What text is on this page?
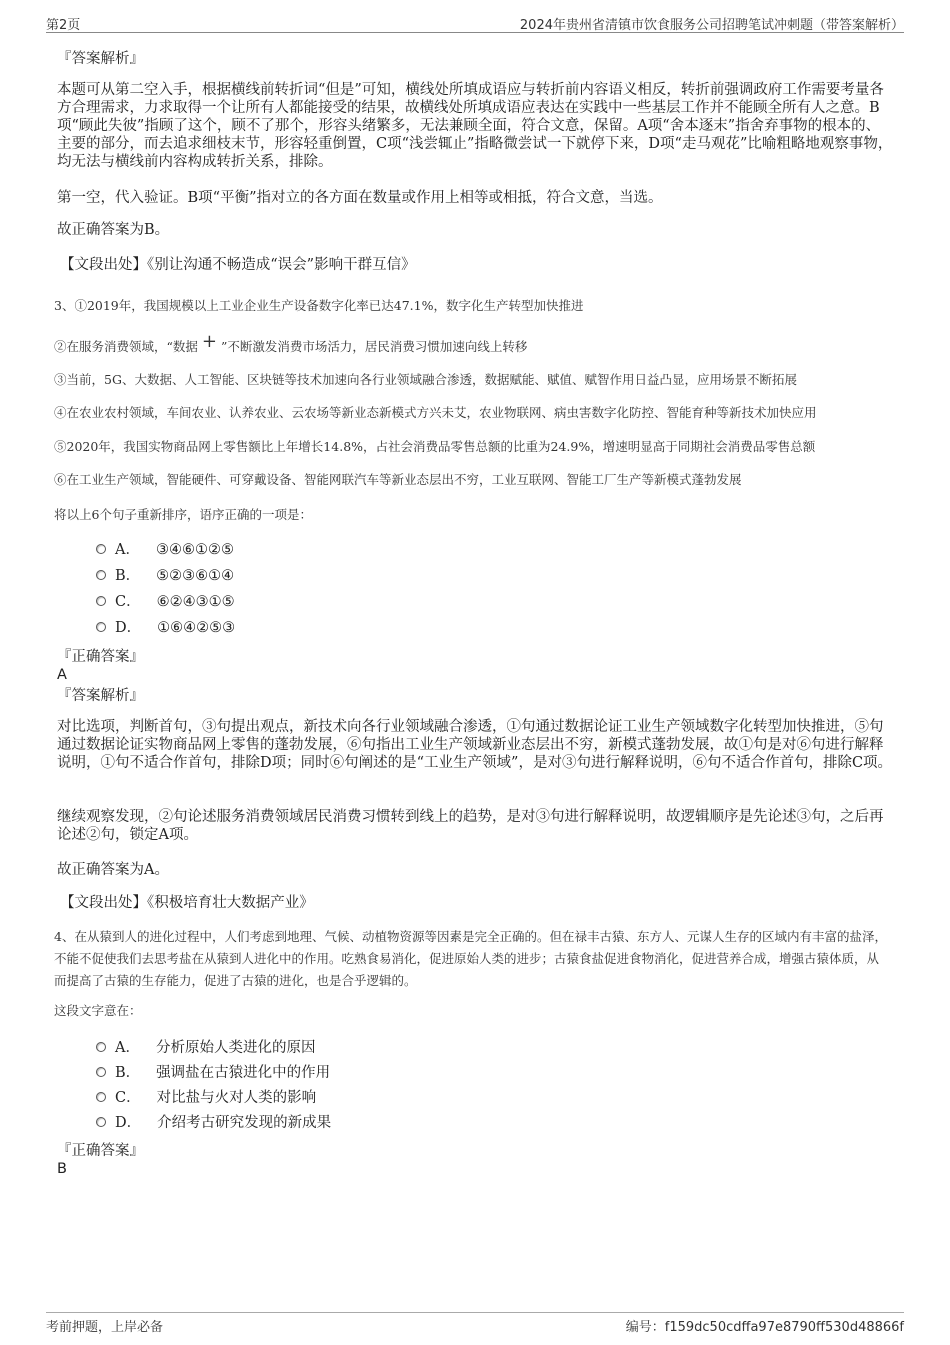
第2页	2024年贵州省清镇市饮食服务公司招聘笔试冲刺题（带答案解析）
『答案解析』

本题可从第二空入手，根据横线前转折词“但是”可知，横线处所填成语应与转折前内容语义相反，转折前强调政府工作需要考量各方合理需求，力求取得一个让所有人都能接受的结果，故横线处所填成语应表达在实践中一些基层工作并不能顾全所有人之意。B项“顾此失彼”指顾了这个，顾不了那个，形容头绪繁多，无法兼顾全面，符合文意，保留。A项“舍本逐末”指舍弃事物的根本的、主要的部分，而去追求细枝末节，形容轻重倒置，C项“浅尝辄止”指略微尝试一下就停下来，D项“走马观花”比喻粗略地观察事物，均无法与横线前内容构成转折关系，排除。

第一空，代入验证。B项“平衡”指对立的各方面在数量或作用上相等或相抵，符合文意，当选。

故正确答案为B。

【文段出处】《别让沟通不畅造成“误会”影响干群互信》

3、①2019年，我国规模以上工业企业生产设备数字化率已达47.1%，数字化生产转型加快推进

②在服务消费领域，“数据 + ”不断激发消费市场活力，居民消费习惯加速向线上转移

③当前，5G、大数据、人工智能、区块链等技术加速向各行业领域融合渗透，数据赋能、赋值、赋智作用日益凸显，应用场景不断拓展

④在农业农村领域，车间农业、认养农业、云农场等新业态新模式方兴未艾，农业物联网、病虫害数字化防控、智能育种等新技术加快应用

⑤2020年，我国实物商品网上零售额比上年增长14.8%，占社会消费品零售总额的比重为24.9%，增速明显高于同期社会消费品零售总额

⑥在工业生产领域，智能硬件、可穿戴设备、智能网联汽车等新业态层出不穷，工业互联网、智能工厂生产等新模式蓬勃发展

将以上6个句子重新排序，语序正确的一项是：

A． ③④⑥①②⑤
B． ⑤②③⑥①④
C． ⑥②④③①⑤
D． ①⑥④②⑤③
『正确答案』
A
『答案解析』

对比选项，判断首句，③句提出观点，新技术向各行业领域融合渗透，①句通过数据论证工业生产领域数字化转型加快推进，⑤句通过数据论证实物商品网上零售的蓬勃发展，⑥句指出工业生产领域新业态层出不穷，新模式蓬勃发展，故①句是对⑥句进行解释说明，①句不适合作首句，排除D项；同时⑥句阐述的是“工业生产领域”，是对③句进行解释说明，⑥句不适合作首句，排除C项。

继续观察发现，②句论述服务消费领域居民消费习惯转到线上的趋势，是对③句进行解释说明，故逻辑顺序是先论述③句，之后再论述②句，锁定A项。

故正确答案为A。

【文段出处】《积极培育壮大数据产业》

4、在从猿到人的进化过程中，人们考虑到地理、气候、动植物资源等因素是完全正确的。但在禄丰古猿、东方人、元谋人生存的区域内有丰富的盐泽，不能不促使我们去思考盐在从猿到人进化中的作用。吃熟食易消化，促进原始人类的进步；古猿食盐促进食物消化，促进营养合成，增强古猿体质，从而提高了古猿的生存能力，促进了古猿的进化，也是合乎逻辑的。

这段文字意在：

A． 分析原始人类进化的原因
B． 强调盐在古猿进化中的作用
C． 对比盐与火对人类的影响
D． 介绍考古研究发现的新成果
『正确答案』
B
考前押题，上岸必备	编号：f159dc50cdffa97e8790ff530d48866f
